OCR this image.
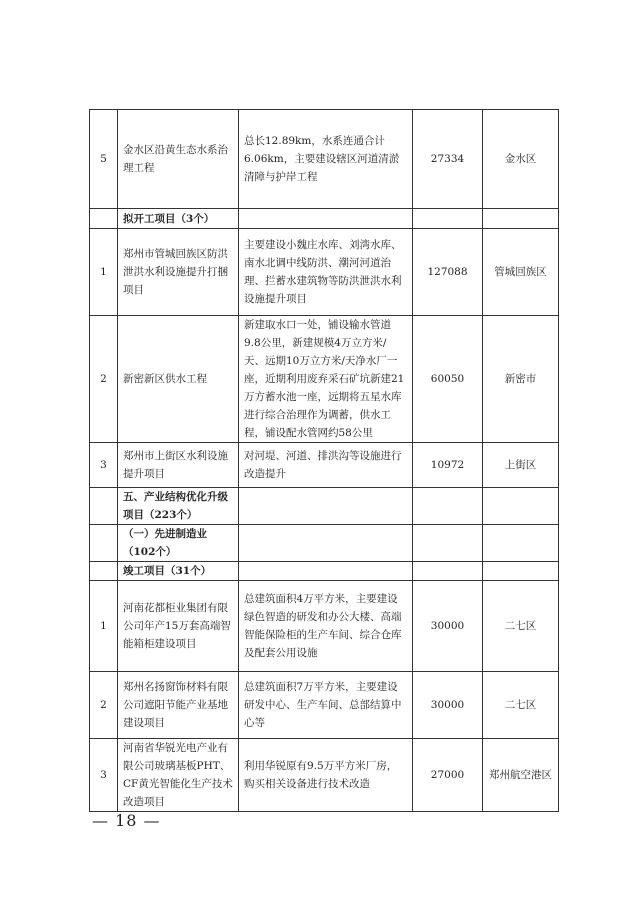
5	金水区沿黄生态水系治理工程	总长12.89km，水系连通合计6.06km，主要建设辖区河道清淤清障与护岸工程	27334	金水区
	拟开工项目（3个）			
1	郑州市管城回族区防洪泄洪水利设施提升打捆项目	主要建设小魏庄水库、刘湾水库、南水北调中线防洪、潮河河道治理、拦蓄水建筑物等防洪泄洪水利设施提升项目	127088	管城回族区
2	新密新区供水工程	新建取水口一处，铺设输水管道9.8公里，新建规模4万立方米/天、远期10万立方米/天净水厂一座，近期利用废弃采石矿坑新建21万方蓄水池一座，远期将五星水库进行综合治理作为调蓄，供水工程，铺设配水管网约58公里	60050	新密市
3	郑州市上街区水利设施提升项目	对河堤、河道、排洪沟等设施进行改造提升	10972	上街区
	五、产业结构优化升级项目（223个）			
	（一）先进制造业（102个）			
	竣工项目（31个）			
1	河南花都柜业集团有限公司年产15万套高端智能箱柜建设项目	总建筑面积4万平方米，主要建设绿色智造的研发和办公大楼、高端智能保险柜的生产车间、综合仓库及配套公用设施	30000	二七区
2	郑州名扬窗饰材料有限公司遮阳节能产业基地建设项目	总建筑面积7万平方米，主要建设研发中心、生产车间、总部结算中心等	30000	二七区
3	河南省华锐光电产业有限公司玻璃基板PHT、CF黄光智能化生产技术改造项目	利用华锐原有9.5万平方米厂房，购买相关设备进行技术改造	27000	郑州航空港区
— 18 —
